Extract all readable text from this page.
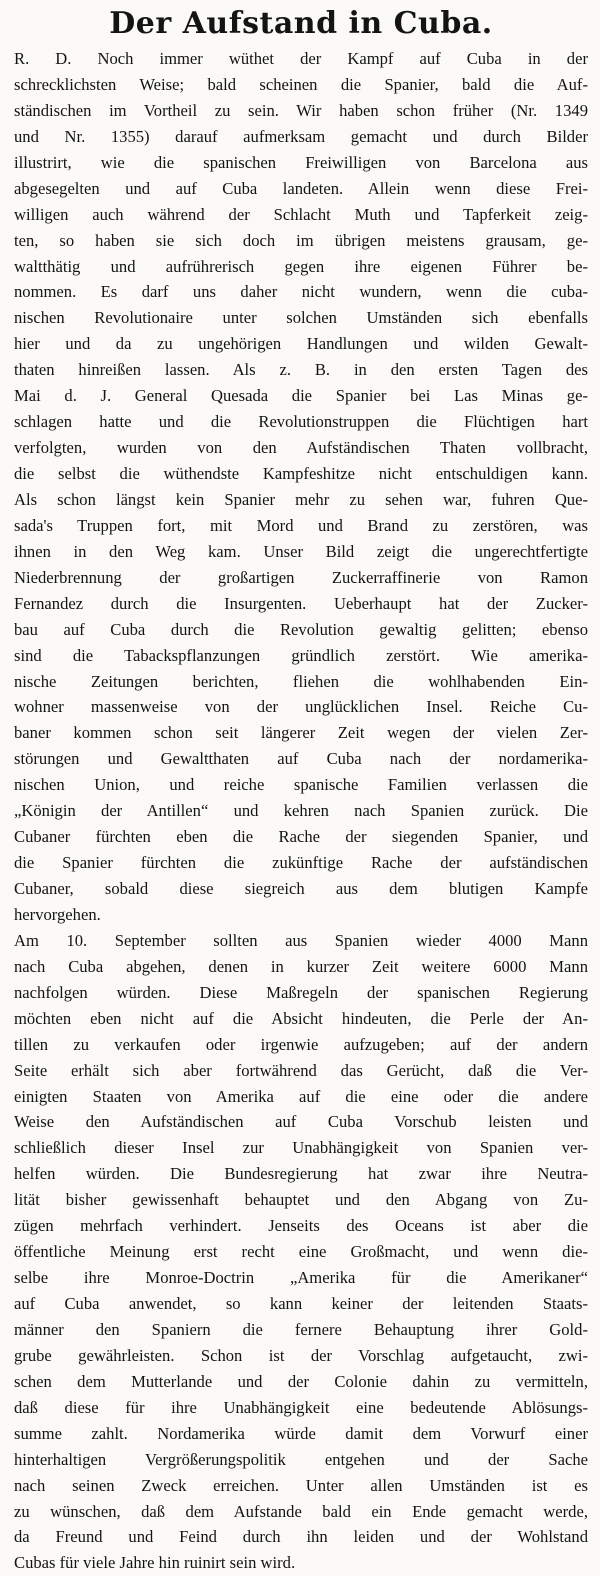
Der Aufstand in Cuba.
R. D. Noch immer wüthet der Kampf auf Cuba in der
schrecklichsten Weise; bald scheinen die Spanier, bald die Auf-
ständischen im Vortheil zu sein. Wir haben schon früher (Nr. 1349
und Nr. 1355) darauf aufmerksam gemacht und durch Bilder
illustrirt, wie die spanischen Freiwilligen von Barcelona aus
abgesegelten und auf Cuba landeten. Allein wenn diese Frei-
willigen auch während der Schlacht Muth und Tapferkeit zeig-
ten, so haben sie sich doch im übrigen meistens grausam, ge-
waltthätig und aufrührerisch gegen ihre eigenen Führer be-
nommen. Es darf uns daher nicht wundern, wenn die cuba-
nischen Revolutionaire unter solchen Umständen sich ebenfalls
hier und da zu ungehörigen Handlungen und wilden Gewalt-
thaten hinreißen lassen. Als z. B. in den ersten Tagen des
Mai d. J. General Quesada die Spanier bei Las Minas ge-
schlagen hatte und die Revolutionstruppen die Flüchtigen hart
verfolgten, wurden von den Aufständischen Thaten vollbracht,
die selbst die wüthendste Kampfeshitze nicht entschuldigen kann.
Als schon längst kein Spanier mehr zu sehen war, fuhren Que-
sada's Truppen fort, mit Mord und Brand zu zerstören, was
ihnen in den Weg kam. Unser Bild zeigt die ungerechtfertigte
Niederbrennung der großartigen Zuckerraffinerie von Ramon
Fernandez durch die Insurgenten. Ueberhaupt hat der Zucker-
bau auf Cuba durch die Revolution gewaltig gelitten; ebenso
sind die Tabackspflanzungen gründlich zerstört. Wie amerika-
nische Zeitungen berichten, fliehen die wohlhabenden Ein-
wohner massenweise von der unglücklichen Insel. Reiche Cu-
baner kommen schon seit längerer Zeit wegen der vielen Zer-
störungen und Gewaltthaten auf Cuba nach der nordamerika-
nischen Union, und reiche spanische Familien verlassen die
„Königin der Antillen“ und kehren nach Spanien zurück. Die
Cubaner fürchten eben die Rache der siegenden Spanier, und
die Spanier fürchten die zukünftige Rache der aufständischen
Cubaner, sobald diese siegreich aus dem blutigen Kampfe
hervorgehen.
Am 10. September sollten aus Spanien wieder 4000 Mann
nach Cuba abgehen, denen in kurzer Zeit weitere 6000 Mann
nachfolgen würden. Diese Maßregeln der spanischen Regierung
möchten eben nicht auf die Absicht hindeuten, die Perle der An-
tillen zu verkaufen oder irgenwie aufzugeben; auf der andern
Seite erhält sich aber fortwährend das Gerücht, daß die Ver-
einigten Staaten von Amerika auf die eine oder die andere
Weise den Aufständischen auf Cuba Vorschub leisten und
schließlich dieser Insel zur Unabhängigkeit von Spanien ver-
helfen würden. Die Bundesregierung hat zwar ihre Neutra-
lität bisher gewissenhaft behauptet und den Abgang von Zu-
zügen mehrfach verhindert. Jenseits des Oceans ist aber die
öffentliche Meinung erst recht eine Großmacht, und wenn die-
selbe ihre Monroe-Doctrin „Amerika für die Amerikaner“
auf Cuba anwendet, so kann keiner der leitenden Staats-
männer den Spaniern die fernere Behauptung ihrer Gold-
grube gewährleisten. Schon ist der Vorschlag aufgetaucht, zwi-
schen dem Mutterlande und der Colonie dahin zu vermitteln,
daß diese für ihre Unabhängigkeit eine bedeutende Ablösungs-
summe zahlt. Nordamerika würde damit dem Vorwurf einer
hinterhaltigen Vergrößerungspolitik entgehen und der Sache
nach seinen Zweck erreichen. Unter allen Umständen ist es
zu wünschen, daß dem Aufstande bald ein Ende gemacht werde,
da Freund und Feind durch ihn leiden und der Wohlstand
Cubas für viele Jahre hin ruinirt sein wird.
